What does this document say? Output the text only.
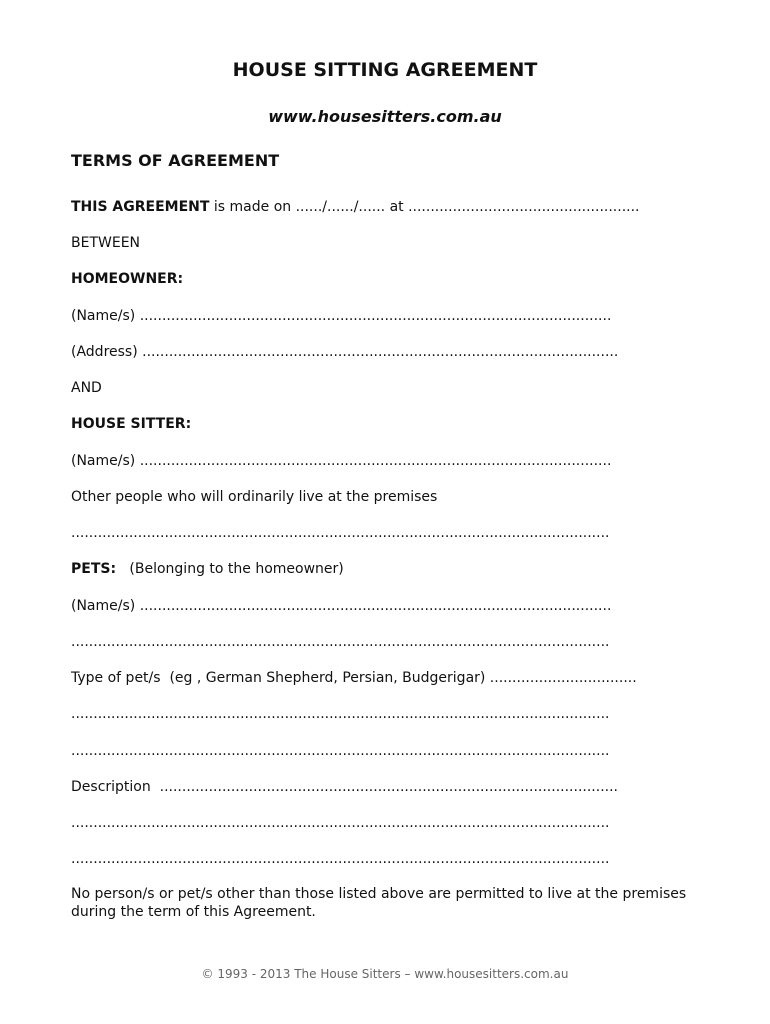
HOUSE SITTING AGREEMENT
www.housesitters.com.au
TERMS OF AGREEMENT
THIS AGREEMENT is made on ....../....../...... at ....................................................
BETWEEN
HOMEOWNER:
(Name/s) ..........................................................................................................
(Address) ...........................................................................................................
AND
HOUSE SITTER:
(Name/s) ..........................................................................................................
Other people who will ordinarily live at the premises
.........................................................................................................................
PETS:   (Belonging to the homeowner)
(Name/s) ..........................................................................................................
.........................................................................................................................
Type of pet/s  (eg , German Shepherd, Persian, Budgerigar) .................................
.........................................................................................................................
.........................................................................................................................
Description  .......................................................................................................
.........................................................................................................................
.........................................................................................................................
No person/s or pet/s other than those listed above are permitted to live at the premises during the term of this Agreement.
© 1993 - 2013 The House Sitters – www.housesitters.com.au
